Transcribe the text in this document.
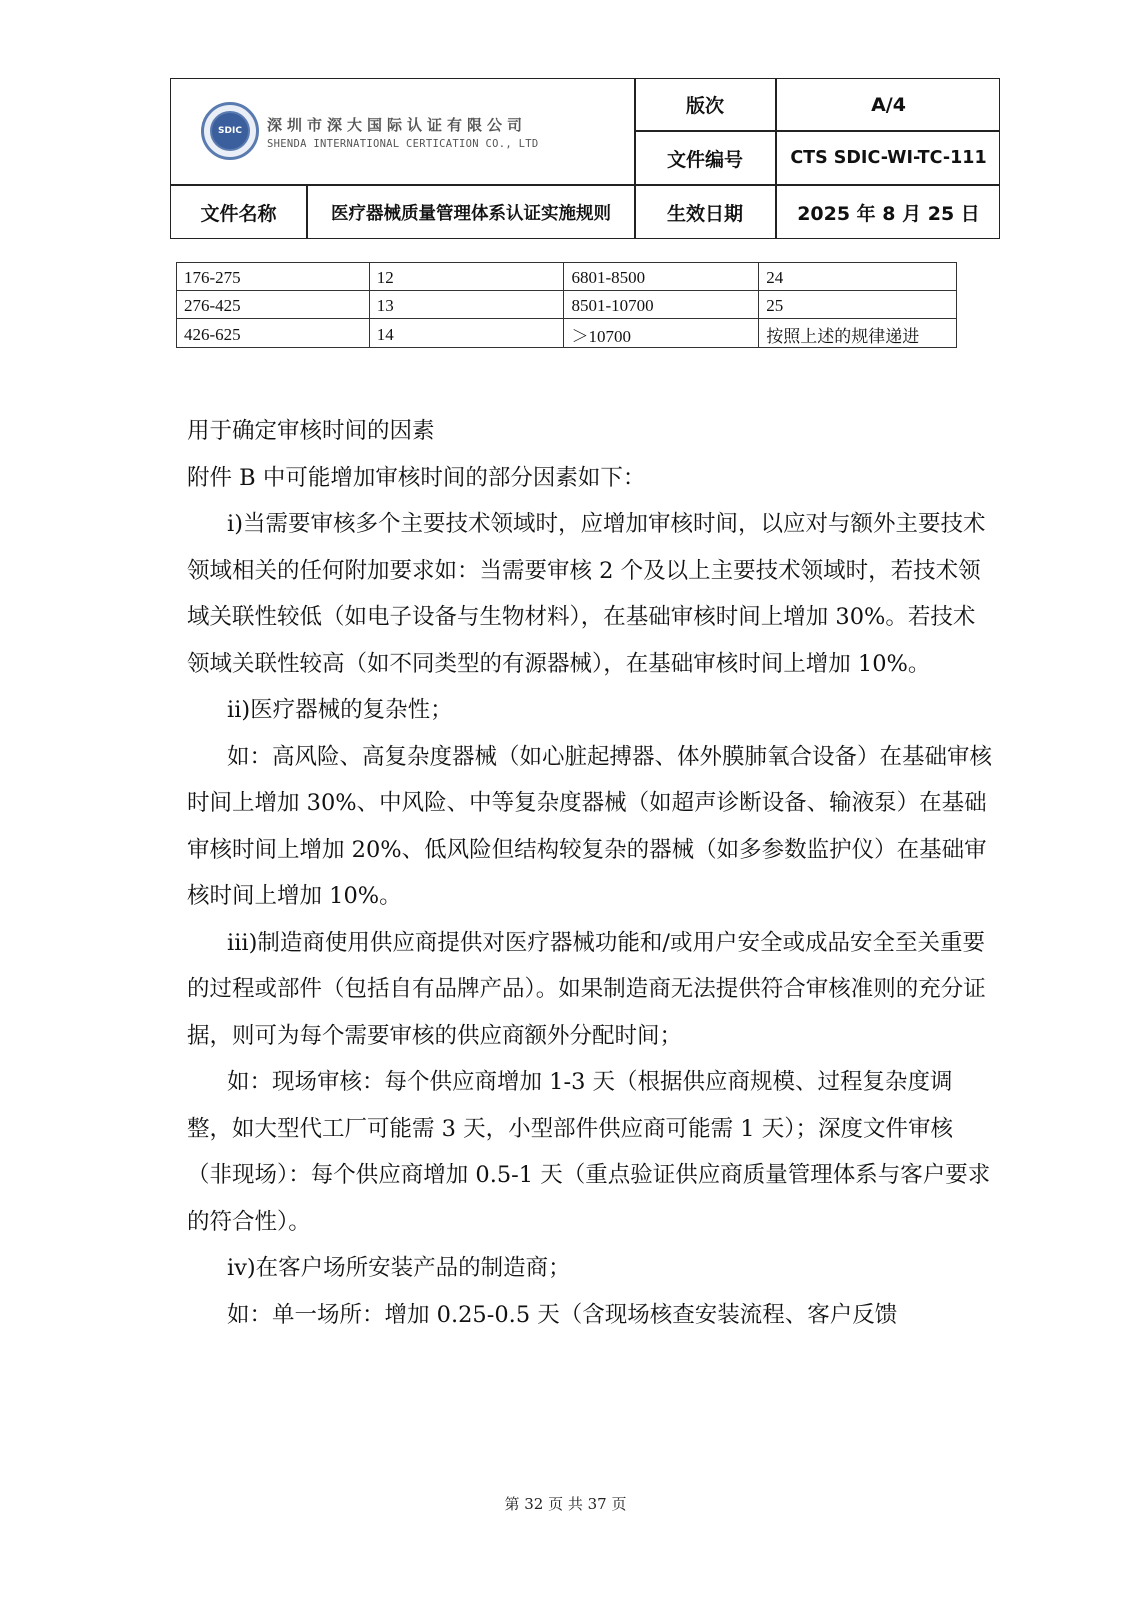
SDIC	深圳市深大国际认证有限公司
SHENDA INTERNATIONAL CERTICATION CO., LTD
版次	A/4
文件编号	CTS SDIC-WI-TC-111
文件名称	医疗器械质量管理体系认证实施规则	生效日期	2025 年 8 月 25 日
176-275	12	6801-8500	24
276-425	13	8501-10700	25
426-625	14	＞10700	按照上述的规律递进

用于确定审核时间的因素

附件 B 中可能增加审核时间的部分因素如下：

i)当需要审核多个主要技术领域时，应增加审核时间，以应对与额外主要技术领域相关的任何附加要求如：当需要审核 2 个及以上主要技术领域时，若技术领域关联性较低（如电子设备与生物材料），在基础审核时间上增加 30%。若技术领域关联性较高（如不同类型的有源器械），在基础审核时间上增加 10%。

ii)医疗器械的复杂性；

如：高风险、高复杂度器械（如心脏起搏器、体外膜肺氧合设备）在基础审核时间上增加 30%、中风险、中等复杂度器械（如超声诊断设备、输液泵）在基础审核时间上增加 20%、低风险但结构较复杂的器械（如多参数监护仪）在基础审核时间上增加 10%。

iii)制造商使用供应商提供对医疗器械功能和/或用户安全或成品安全至关重要的过程或部件（包括自有品牌产品）。如果制造商无法提供符合审核准则的充分证据，则可为每个需要审核的供应商额外分配时间；

如：现场审核：每个供应商增加 1-3 天（根据供应商规模、过程复杂度调整，如大型代工厂可能需 3 天，小型部件供应商可能需 1 天）；深度文件审核（非现场）：每个供应商增加 0.5-1 天（重点验证供应商质量管理体系与客户要求的符合性）。

iv)在客户场所安装产品的制造商；

如：单一场所：增加 0.25-0.5 天（含现场核查安装流程、客户反馈

第 32 页 共 37 页
